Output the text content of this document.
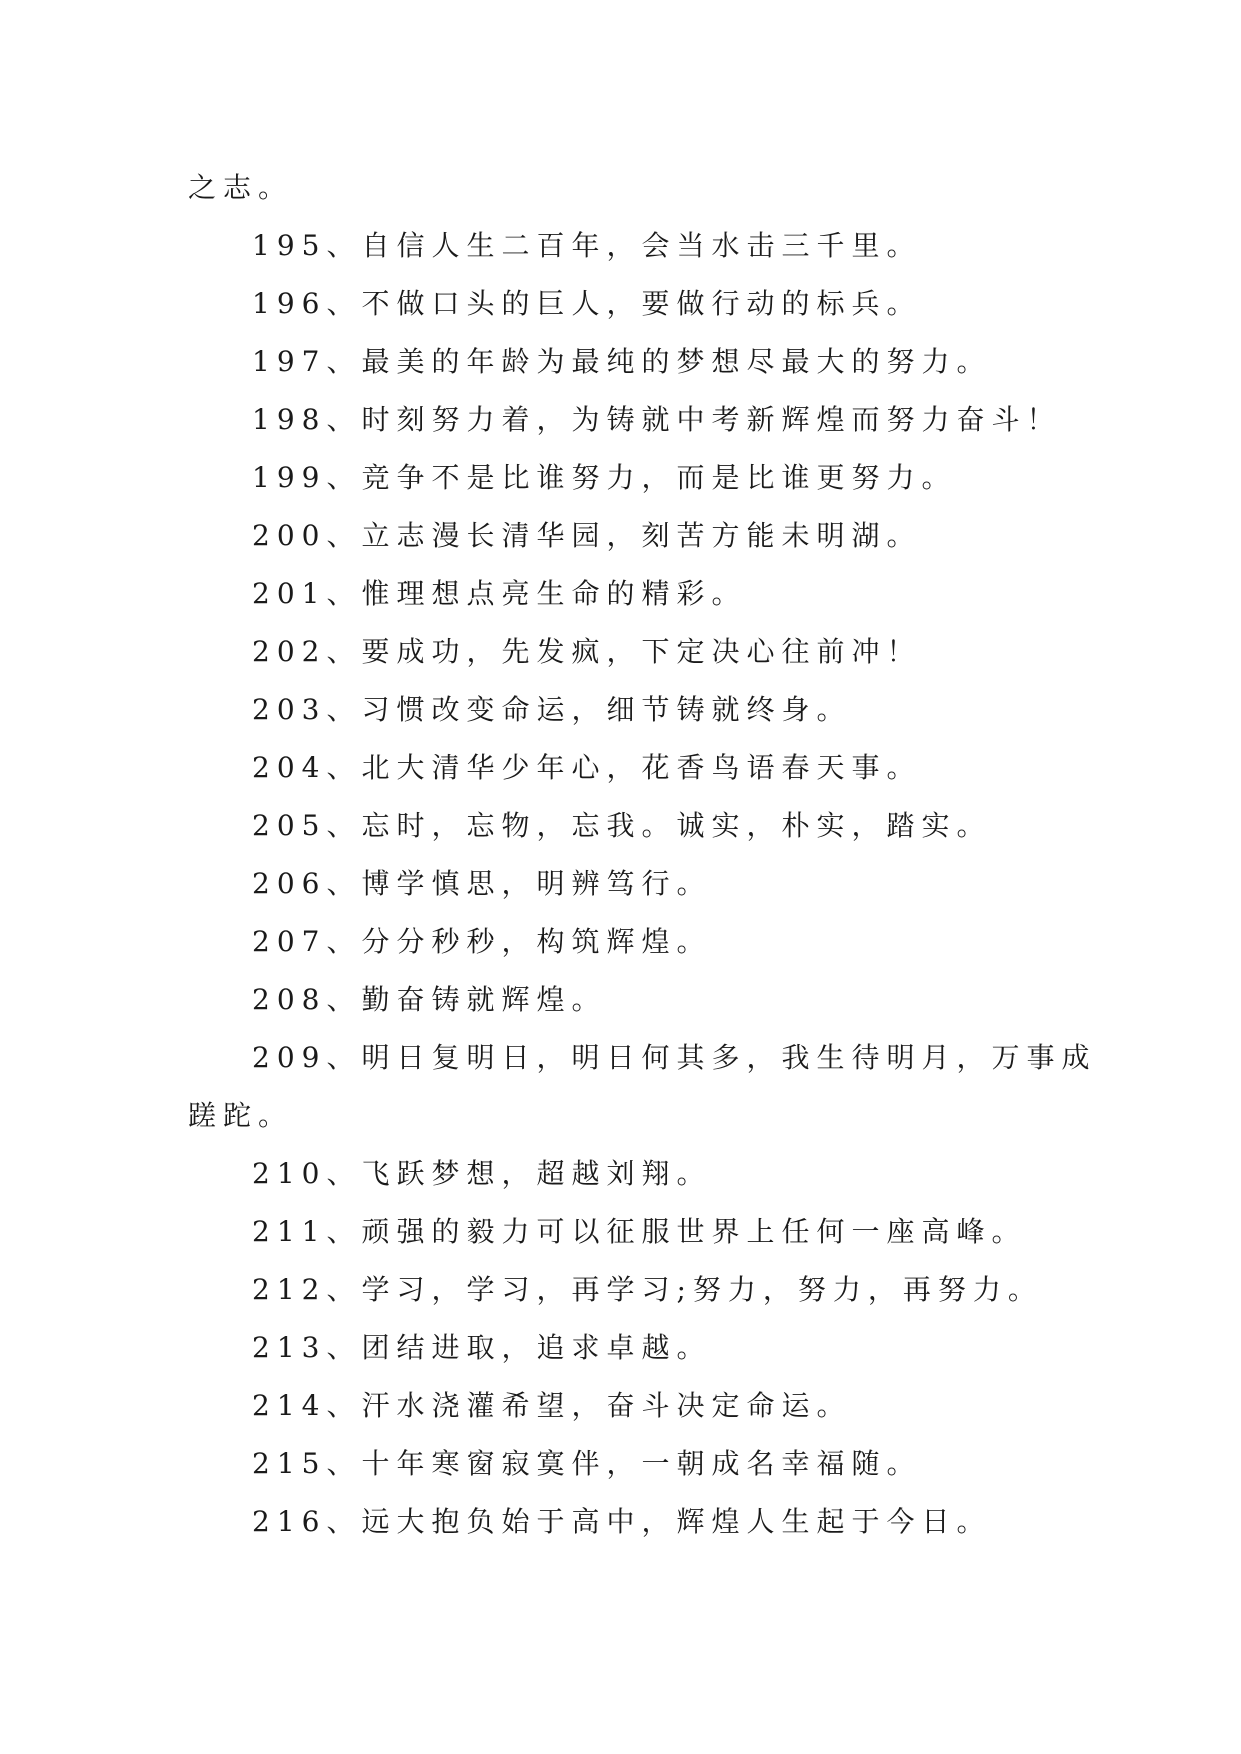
之志。
195、自信人生二百年，会当水击三千里。
196、不做口头的巨人，要做行动的标兵。
197、最美的年龄为最纯的梦想尽最大的努力。
198、时刻努力着，为铸就中考新辉煌而努力奋斗！
199、竞争不是比谁努力，而是比谁更努力。
200、立志漫长清华园，刻苦方能未明湖。
201、惟理想点亮生命的精彩。
202、要成功，先发疯，下定决心往前冲！
203、习惯改变命运，细节铸就终身。
204、北大清华少年心，花香鸟语春天事。
205、忘时，忘物，忘我。诚实，朴实，踏实。
206、博学慎思，明辨笃行。
207、分分秒秒，构筑辉煌。
208、勤奋铸就辉煌。
209、明日复明日，明日何其多，我生待明月，万事成
蹉跎。
210、飞跃梦想，超越刘翔。
211、顽强的毅力可以征服世界上任何一座高峰。
212、学习，学习，再学习;努力，努力，再努力。
213、团结进取，追求卓越。
214、汗水浇灌希望，奋斗决定命运。
215、十年寒窗寂寞伴，一朝成名幸福随。
216、远大抱负始于高中，辉煌人生起于今日。
